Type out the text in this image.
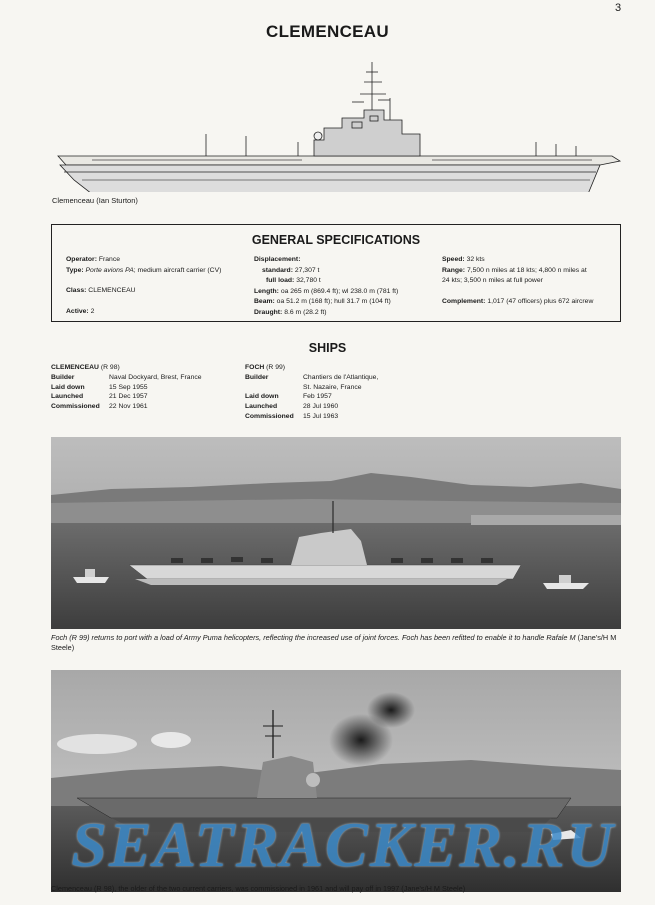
3
CLEMENCEAU
Clemenceau (Ian Sturton)
GENERAL SPECIFICATIONS
Operator: France
Type: Porte avions PA; medium aircraft carrier (CV)
Class: CLEMENCEAU
Active: 2
Displacement:
standard: 27,307 t
full load: 32,780 t
Length: oa 265 m (869.4 ft); wl 238.0 m (781 ft)
Beam: oa 51.2 m (168 ft); hull 31.7 m (104 ft)
Draught: 8.6 m (28.2 ft)
Speed: 32 kts
Range: 7,500 n miles at 18 kts; 4,800 n miles at
24 kts; 3,500 n miles at full power
Complement: 1,017 (47 officers) plus 672 aircrew
SHIPS
CLEMENCEAU (R 98)
Builder	Naval Dockyard, Brest, France
Laid down	15 Sep 1955
Launched	21 Dec 1957
Commissioned	22 Nov 1961
FOCH (R 99)
Builder	Chantiers de l'Atlantique,
St. Nazaire, France
Laid down	Feb 1957
Launched	28 Jul 1960
Commissioned	15 Jul 1963
Foch (R 99) returns to port with a load of Army Puma helicopters, reflecting the increased use of joint forces. Foch has been refitted to enable it to handle Rafale M (Jane's/H M Steele)
Clemenceau (R 98), the older of the two current carriers, was commissioned in 1961 and will pay off in 1997 (Jane's/H M Steele)
SEATRACKER.RU
